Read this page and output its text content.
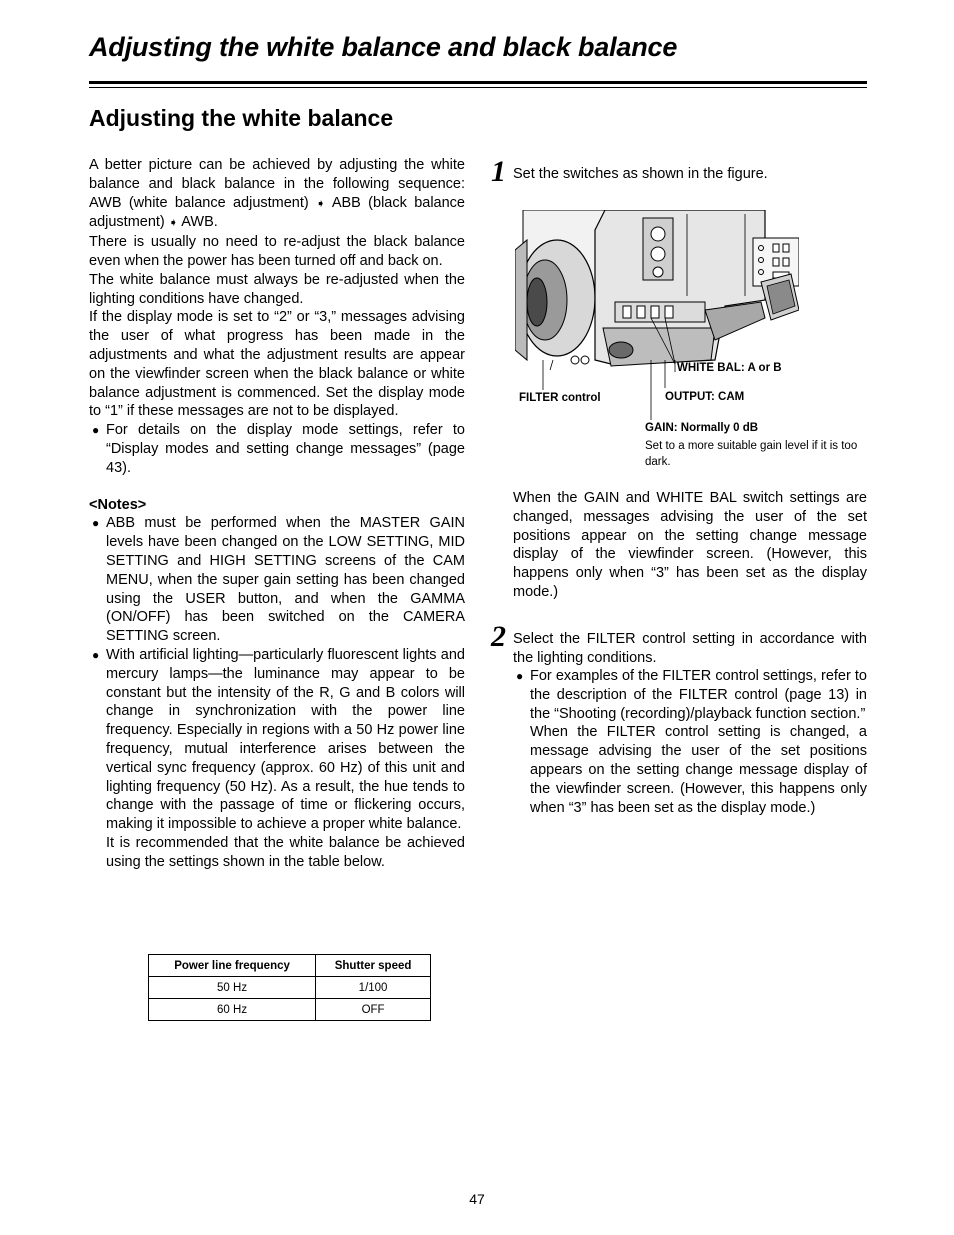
Adjusting the white balance and black balance
Adjusting the white balance

A better picture can be achieved by adjusting the white balance and black balance in the following sequence: AWB (white balance adjustment) ➧ ABB (black balance adjustment) ➧ AWB.

There is usually no need to re-adjust the black balance even when the power has been turned off and back on.

The white balance must always be re-adjusted when the lighting conditions have changed.

If the display mode is set to “2” or “3,” messages advising the user of what progress has been made in the adjustments and what the adjustment results are appear on the viewfinder screen when the black balance or white balance adjustment is commenced. Set the display mode to “1” if these messages are not to be displayed.

● For details on the display mode settings, refer to “Display modes and setting change messages” (page 43).

<Notes>

● ABB must be performed when the MASTER GAIN levels have been changed on the LOW SETTING, MID SETTING and HIGH SETTING screens of the CAM MENU, when the super gain setting has been changed using the USER button, and when the GAMMA (ON/OFF) has been switched on the CAMERA SETTING screen.

● With artificial lighting—particularly fluorescent lights and mercury lamps—the luminance may appear to be constant but the intensity of the R, G and B colors will change in synchronization with the power line frequency. Especially in regions with a 50 Hz power line frequency, mutual interference arises between the vertical sync frequency (approx. 60 Hz) of this unit and lighting frequency (50 Hz). As a result, the hue tends to change with the passage of time or flickering occurs, making it impossible to achieve a proper white balance.

It is recommended that the white balance be achieved using the settings shown in the table below.

Power line frequency	Shutter speed
50 Hz	1/100
60 Hz	OFF
1 Set the switches as shown in the figure.
WHITE BAL: A or B
FILTER control	OUTPUT: CAM
GAIN: Normally 0 dB
Set to a more suitable gain level if it is too dark.
When the GAIN and WHITE BAL switch settings are changed, messages advising the user of the set positions appear on the setting change message display of the viewfinder screen. (However, this happens only when “3” has been set as the display mode.)
2 Select the FILTER control setting in accordance with the lighting conditions.
● For examples of the FILTER control settings, refer to the description of the FILTER control (page 13) in the “Shooting (recording)/playback function section.”

When the FILTER control setting is changed, a message advising the user of the set positions appears on the setting change message display of the viewfinder screen. (However, this happens only when “3” has been set as the display mode.)

47
